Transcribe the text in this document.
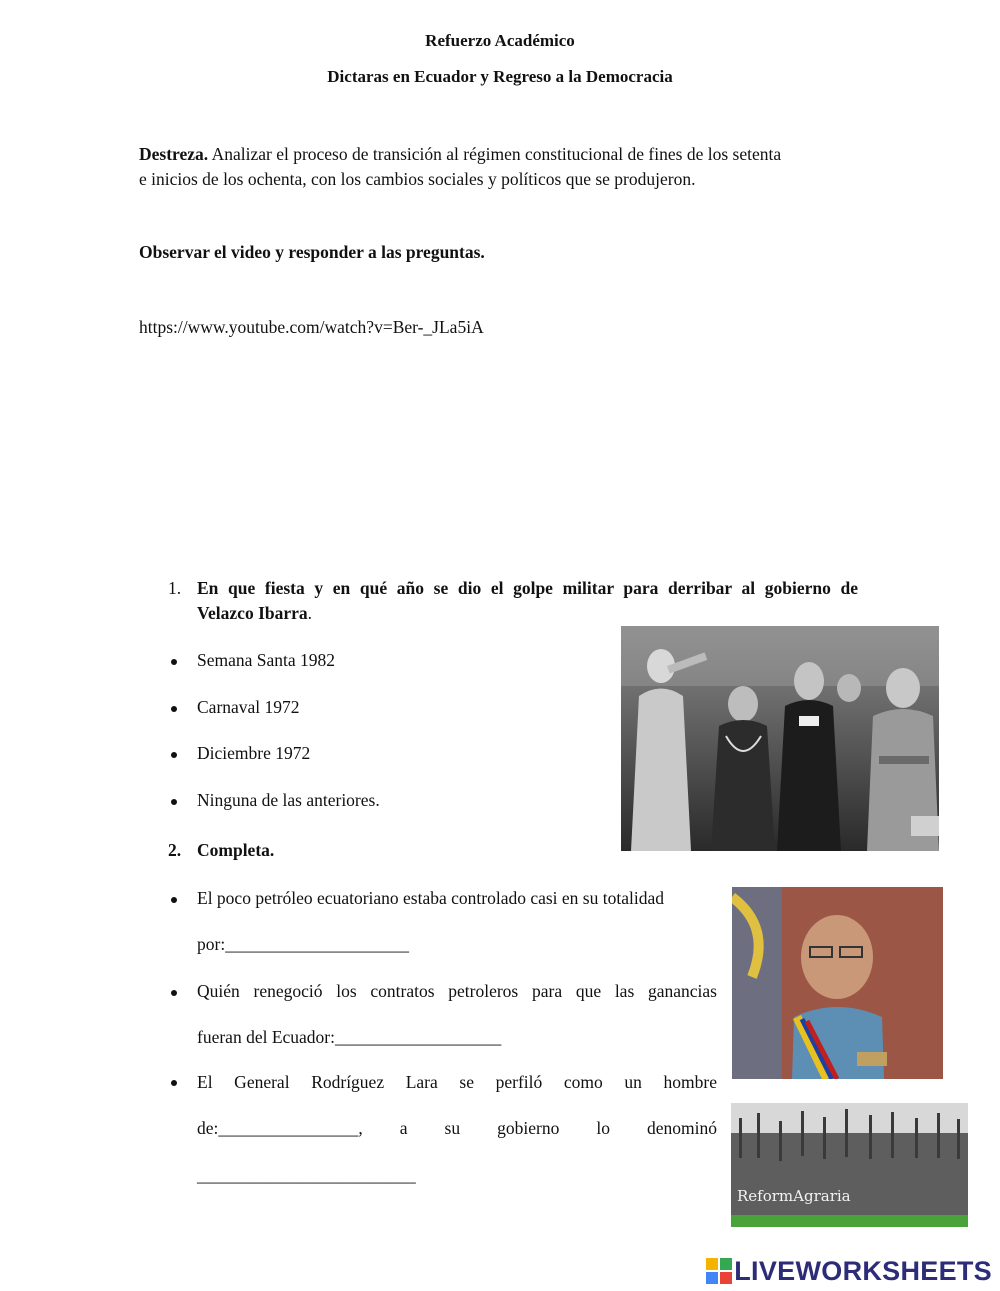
Refuerzo Académico
Dictaras en Ecuador y Regreso a la Democracia
Destreza. Analizar el proceso de transición al régimen constitucional de fines de los setenta
e inicios de los ochenta, con los cambios sociales y políticos que se produjeron.
Observar el video y responder a las preguntas.
https://www.youtube.com/watch?v=Ber-_JLa5iA
1. En que fiesta y en qué año se dio el golpe militar para derribar al gobierno de
Velazco Ibarra.
Semana Santa 1982
Carnaval 1972
Diciembre 1972
Ninguna de las anteriores.
2. Completa.
El poco petróleo ecuatoriano estaba controlado casi en su totalidad
por:_____________________
Quién renegoció los contratos petroleros para que las ganancias
fueran del Ecuador:___________________
El General Rodríguez Lara se perfiló como un hombre
de:________________, a su gobierno lo denominó
_________________________
ReformAgraria
LIVEWORKSHEETS
